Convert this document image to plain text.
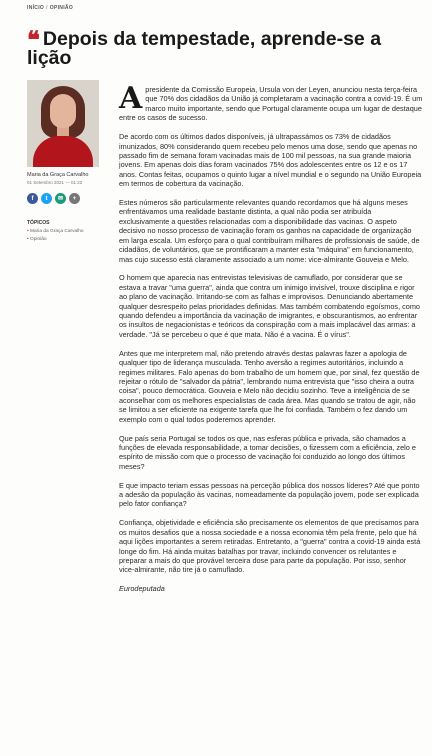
INÍCIO / OPINIÃO
❝ Depois da tempestade, aprende-se a lição
Maria da Graça Carvalho
01 Setembro 2021 — 01:22
f	t	✉	+
TÓPICOS
• Maria da Graça Carvalho
• Opinião

Apresidente da Comissão Europeia, Ursula von der Leyen, anunciou nesta terça-feira que 70% dos cidadãos da União já completaram a vacinação contra a covid-19. É um marco muito importante, sendo que Portugal claramente ocupa um lugar de destaque entre os casos de sucesso.

De acordo com os últimos dados disponíveis, já ultrapassámos os 73% de cidadãos imunizados, 80% considerando quem recebeu pelo menos uma dose, sendo que apenas no passado fim de semana foram vacinadas mais de 100 mil pessoas, na sua grande maioria jovens. Em apenas dois dias foram vacinados 75% dos adolescentes entre os 12 e os 17 anos. Contas feitas, ocupamos o quinto lugar a nível mundial e o segundo na União Europeia em termos de cobertura da vacinação.

Estes números são particularmente relevantes quando recordamos que há alguns meses enfrentávamos uma realidade bastante distinta, a qual não podia ser atribuída exclusivamente a questões relacionadas com a disponibilidade das vacinas. O aspeto decisivo no nosso processo de vacinação foram os ganhos na capacidade de organização em larga escala. Um esforço para o qual contribuíram milhares de profissionais de saúde, de cidadãos, de voluntários, que se prontificaram a manter esta "máquina" em funcionamento, mas cujo sucesso está claramente associado a um nome: vice-almirante Gouveia e Melo.

O homem que aparecia nas entrevistas televisivas de camuflado, por considerar que se estava a travar "uma guerra", ainda que contra um inimigo invisível, trouxe disciplina e rigor ao plano de vacinação. Irritando-se com as falhas e improvisos. Denunciando abertamente qualquer desrespeito pelas prioridades definidas. Mas também combatendo egoísmos, como quando defendeu a importância da vacinação de imigrantes, e obscurantismos, ao enfrentar os insultos de negacionistas e teóricos da conspiração com a mais implacável das armas: a verdade. "Já se percebeu o que é que mata. Não é a vacina. É o vírus".

Antes que me interpretem mal, não pretendo através destas palavras fazer a apologia de qualquer tipo de liderança musculada. Tenho aversão a regimes autoritários, incluindo a regimes militares. Falo apenas do bom trabalho de um homem que, por sinal, fez questão de rejeitar o rótulo de "salvador da pátria", lembrando numa entrevista que "isso cheira a outra coisa", pouco democrática. Gouveia e Melo não decidiu sozinho. Teve a inteligência de se aconselhar com os melhores especialistas de cada área. Mas quando se tratou de agir, não se limitou a ser eficiente na exigente tarefa que lhe foi confiada. Também o fez dando um exemplo com o qual todos poderemos aprender.

Que país seria Portugal se todos os que, nas esferas pública e privada, são chamados a funções de elevada responsabilidade, a tomar decisões, o fizessem com a eficiência, zelo e espírito de missão com que o processo de vacinação foi conduzido ao longo dos últimos meses?

E que impacto teriam essas pessoas na perceção pública dos nossos líderes? Até que ponto a adesão da população às vacinas, nomeadamente da população jovem, pode ser explicada pelo fator confiança?

Confiança, objetividade e eficiência são precisamente os elementos de que precisamos para os muitos desafios que a nossa sociedade e a nossa economia têm pela frente, pelo que há aqui lições importantes a serem retiradas. Entretanto, a "guerra" contra a covid-19 ainda está longe do fim. Há ainda muitas batalhas por travar, incluindo convencer os relutantes e preparar a mais do que provável terceira dose para parte da população. Por isso, senhor vice-almirante, não tire já o camuflado.

Eurodeputada
